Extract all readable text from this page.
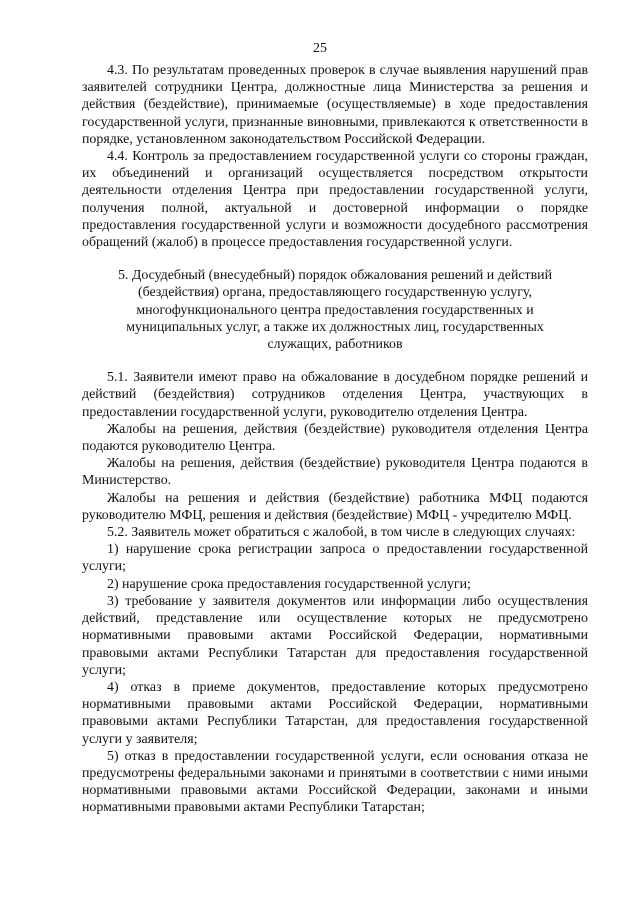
25

4.3. По результатам проведенных проверок в случае выявления нарушений прав заявителей сотрудники Центра, должностные лица Министерства за решения и действия (бездействие), принимаемые (осуществляемые) в ходе предоставления государственной услуги, признанные виновными, привлекаются к ответственности в порядке, установленном законодательством Российской Федерации.

4.4. Контроль за предоставлением государственной услуги со стороны граждан, их объединений и организаций осуществляется посредством открытости деятельности отделения Центра при предоставлении государственной услуги, получения полной, актуальной и достоверной информации о порядке предоставления государственной услуги и возможности досудебного рассмотрения обращений (жалоб) в процессе предоставления государственной услуги.

5. Досудебный (внесудебный) порядок обжалования решений и действий (бездействия) органа, предоставляющего государственную услугу, многофункционального центра предоставления государственных и муниципальных услуг, а также их должностных лиц, государственных служащих, работников

5.1. Заявители имеют право на обжалование в досудебном порядке решений и действий (бездействия) сотрудников отделения Центра, участвующих в предоставлении государственной услуги, руководителю отделения Центра.

Жалобы на решения, действия (бездействие) руководителя отделения Центра подаются руководителю Центра.

Жалобы на решения, действия (бездействие) руководителя Центра подаются в Министерство.

Жалобы на решения и действия (бездействие) работника МФЦ подаются руководителю МФЦ, решения и действия (бездействие) МФЦ - учредителю МФЦ.

5.2. Заявитель может обратиться с жалобой, в том числе в следующих случаях:

1) нарушение срока регистрации запроса о предоставлении государственной услуги;

2) нарушение срока предоставления государственной услуги;

3) требование у заявителя документов или информации либо осуществления действий, представление или осуществление которых не предусмотрено нормативными правовыми актами Российской Федерации, нормативными правовыми актами Республики Татарстан для предоставления государственной услуги;

4) отказ в приеме документов, предоставление которых предусмотрено нормативными правовыми актами Российской Федерации, нормативными правовыми актами Республики Татарстан, для предоставления государственной услуги у заявителя;

5) отказ в предоставлении государственной услуги, если основания отказа не предусмотрены федеральными законами и принятыми в соответствии с ними иными нормативными правовыми актами Российской Федерации, законами и иными нормативными правовыми актами Республики Татарстан;
